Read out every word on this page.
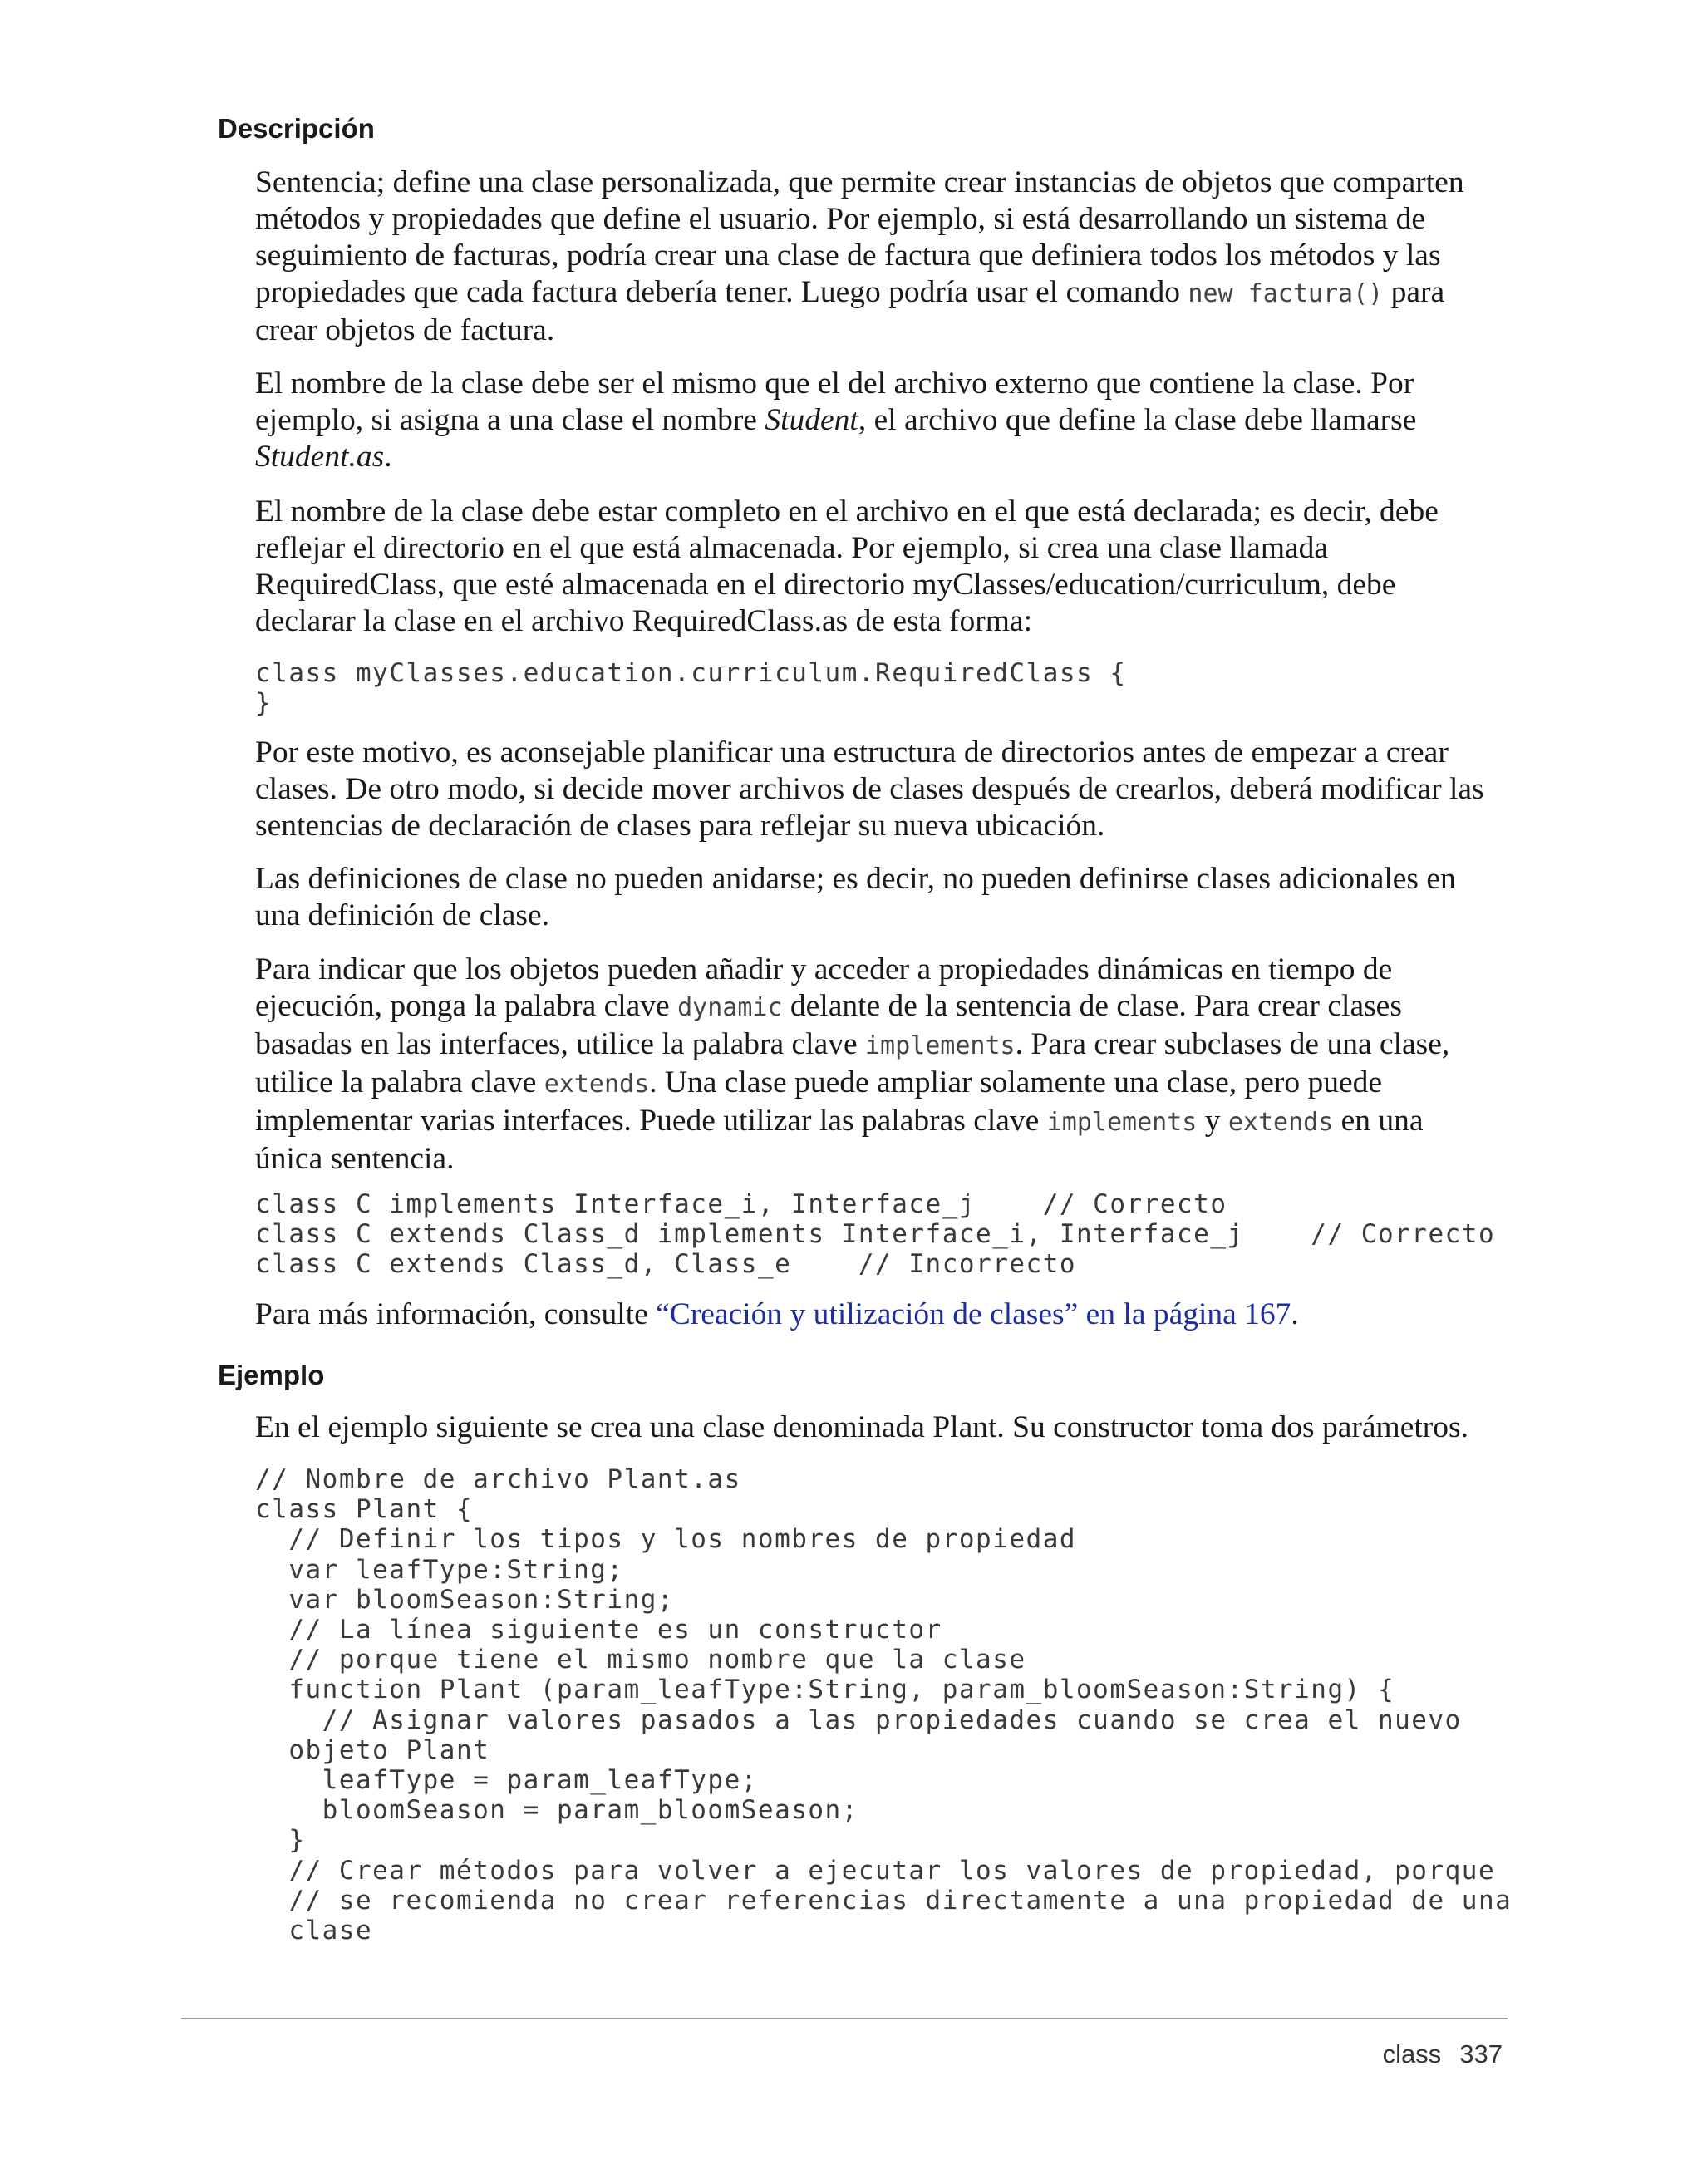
Descripción

Sentencia; define una clase personalizada, que permite crear instancias de objetos que comparten
métodos y propiedades que define el usuario. Por ejemplo, si está desarrollando un sistema de
seguimiento de facturas, podría crear una clase de factura que definiera todos los métodos y las
propiedades que cada factura debería tener. Luego podría usar el comando new factura() para
crear objetos de factura.

El nombre de la clase debe ser el mismo que el del archivo externo que contiene la clase. Por
ejemplo, si asigna a una clase el nombre Student, el archivo que define la clase debe llamarse
Student.as.

El nombre de la clase debe estar completo en el archivo en el que está declarada; es decir, debe
reflejar el directorio en el que está almacenada. Por ejemplo, si crea una clase llamada
RequiredClass, que esté almacenada en el directorio myClasses/education/curriculum, debe
declarar la clase en el archivo RequiredClass.as de esta forma:

class myClasses.education.curriculum.RequiredClass {
}

Por este motivo, es aconsejable planificar una estructura de directorios antes de empezar a crear
clases. De otro modo, si decide mover archivos de clases después de crearlos, deberá modificar las
sentencias de declaración de clases para reflejar su nueva ubicación.

Las definiciones de clase no pueden anidarse; es decir, no pueden definirse clases adicionales en
una definición de clase.

Para indicar que los objetos pueden añadir y acceder a propiedades dinámicas en tiempo de
ejecución, ponga la palabra clave dynamic delante de la sentencia de clase. Para crear clases
basadas en las interfaces, utilice la palabra clave implements. Para crear subclases de una clase,
utilice la palabra clave extends. Una clase puede ampliar solamente una clase, pero puede
implementar varias interfaces. Puede utilizar las palabras clave implements y extends en una
única sentencia.

class C implements Interface_i, Interface_j    // Correcto
class C extends Class_d implements Interface_i, Interface_j    // Correcto
class C extends Class_d, Class_e    // Incorrecto

Para más información, consulte “Creación y utilización de clases” en la página 167.

Ejemplo

En el ejemplo siguiente se crea una clase denominada Plant. Su constructor toma dos parámetros.

// Nombre de archivo Plant.as
class Plant {
// Definir los tipos y los nombres de propiedad
var leafType:String;
var bloomSeason:String;
// La línea siguiente es un constructor
// porque tiene el mismo nombre que la clase
function Plant (param_leafType:String, param_bloomSeason:String) {
// Asignar valores pasados a las propiedades cuando se crea el nuevo
objeto Plant
leafType = param_leafType;
bloomSeason = param_bloomSeason;
}
// Crear métodos para volver a ejecutar los valores de propiedad, porque
// se recomienda no crear referencias directamente a una propiedad de una
clase
class 337
